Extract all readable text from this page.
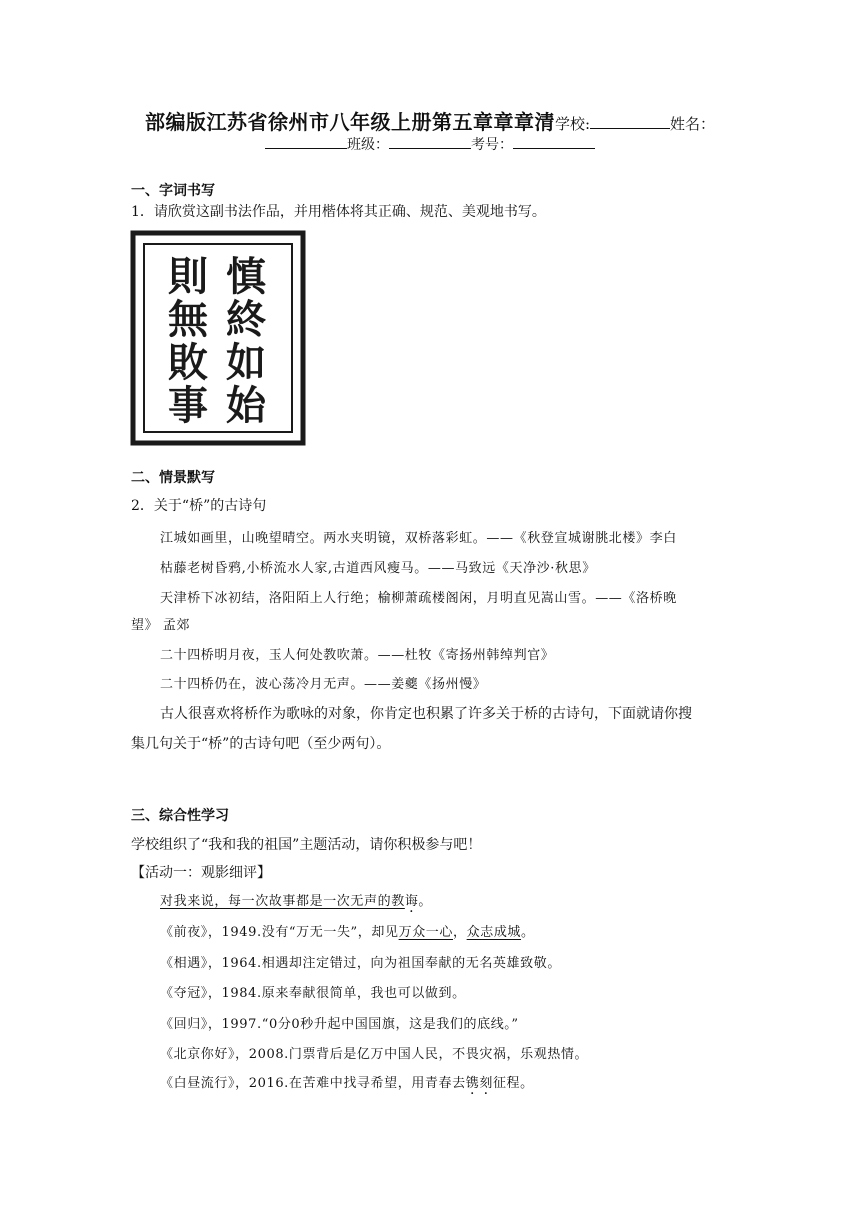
部编版江苏省徐州市八年级上册第五章章章清学校:	姓名：
班级：	考号：
一、字词书写
1．请欣赏这副书法作品，并用楷体将其正确、规范、美观地书写。
慎
終
如
始
則
無
敗
事
二、情景默写
2．关于“桥”的古诗句
江城如画里，山晚望晴空。两水夹明镜，双桥落彩虹。——《秋登宣城谢朓北楼》李白
枯藤老树昏鸦,小桥流水人家,古道西风瘦马。——马致远《天净沙·秋思》
天津桥下冰初结，洛阳陌上人行绝；榆柳萧疏楼阁闲，月明直见嵩山雪。——《洛桥晚
望》 孟郊
二十四桥明月夜，玉人何处教吹萧。——杜牧《寄扬州韩绰判官》
二十四桥仍在，波心荡冷月无声。——姜夔《扬州慢》
古人很喜欢将桥作为歌咏的对象，你肯定也积累了许多关于桥的古诗句，下面就请你搜
集几句关于“桥”的古诗句吧（至少两句）。
三、综合性学习
学校组织了“我和我的祖国”主题活动，请你积极参与吧！
【活动一：观影细评】
对我来说，每一次故事都是一次无声的教诲。
《前夜》，1949.没有“万无一失”，却见万众一心，众志成城。
《相遇》，1964.相遇却注定错过，向为祖国奉献的无名英雄致敬。
《夺冠》，1984.原来奉献很简单，我也可以做到。
《回归》，1997.“0分0秒升起中国国旗，这是我们的底线。”
《北京你好》，2008.门票背后是亿万中国人民，不畏灾祸，乐观热情。
《白昼流行》，2016.在苦难中找寻希望，用青春去镌刻征程。
